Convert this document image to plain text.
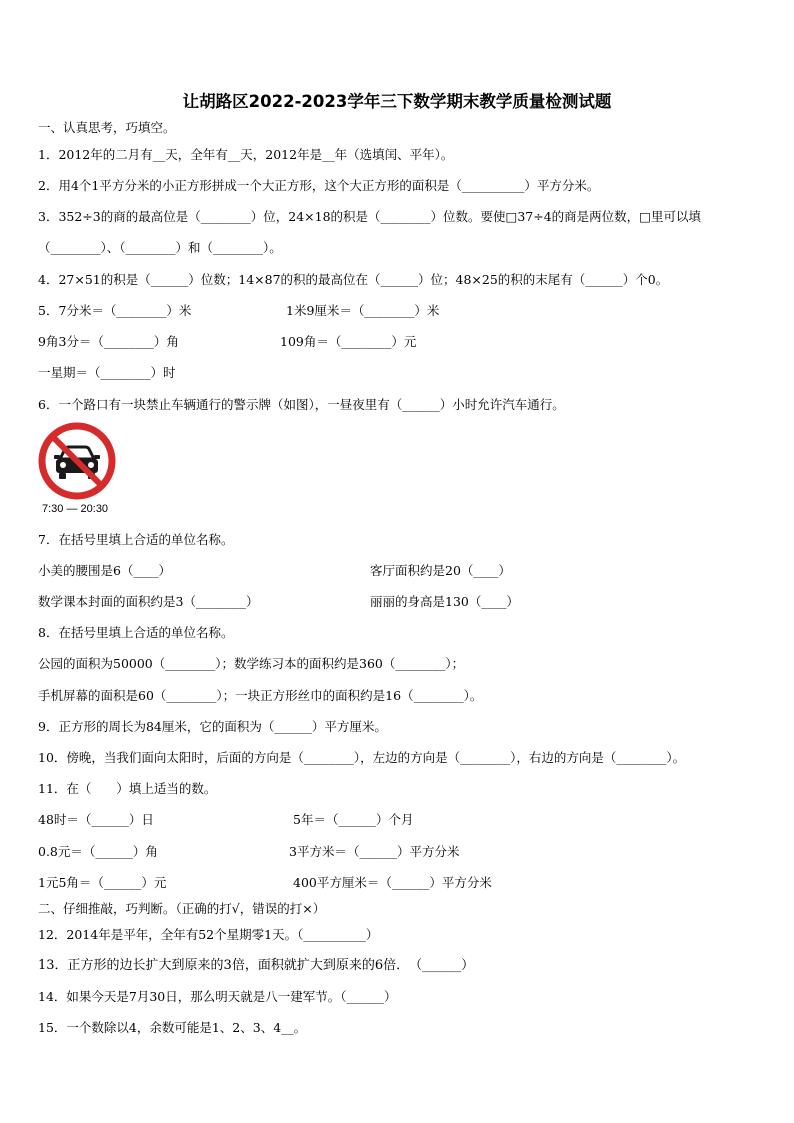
让胡路区2022-2023学年三下数学期末教学质量检测试题
一、认真思考，巧填空。
1．2012年的二月有__天，全年有__天，2012年是__年（选填闰、平年）。
2．用4个1平方分米的小正方形拼成一个大正方形，这个大正方形的面积是（__________）平方分米。
3．352÷3的商的最高位是（________）位，24×18的积是（________）位数。要使□37÷4的商是两位数，□里可以填
（________）、（________）和（________）。
4．27×51的积是（______）位数；14×87的积的最高位在（______）位；48×25的积的末尾有（______）个0。
5．7分米＝（________）米	1米9厘米＝（________）米
9角3分＝（________）角	109角＝（________）元
一星期＝（________）时
6．一个路口有一块禁止车辆通行的警示牌（如图），一昼夜里有（______）小时允许汽车通行。
7:30 — 20:30
7．在括号里填上合适的单位名称。
小美的腰围是6（____）	客厅面积约是20（____）
数学课本封面的面积约是3（________）	丽丽的身高是130（____）
8．在括号里填上合适的单位名称。
公园的面积为50000（________）；数学练习本的面积约是360（________）；
手机屏幕的面积是60（________）；一块正方形丝巾的面积约是16（________）。
9．正方形的周长为84厘米，它的面积为（______）平方厘米。
10．傍晚，当我们面向太阳时，后面的方向是（________），左边的方向是（________），右边的方向是（________）。
11．在（　　）填上适当的数。
48时＝（______）日	5年＝（______）个月
0.8元＝（______）角	3平方米＝（______）平方分米
1元5角＝（______）元	400平方厘米＝（______）平方分米
二、仔细推敲，巧判断。（正确的打√，错误的打×）
12．2014年是平年，全年有52个星期零1天。（__________）
13．正方形的边长扩大到原来的3倍，面积就扩大到原来的6倍．　（______）
14．如果今天是7月30日，那么明天就是八一建军节。（______）
15．一个数除以4，余数可能是1、2、3、4__。
